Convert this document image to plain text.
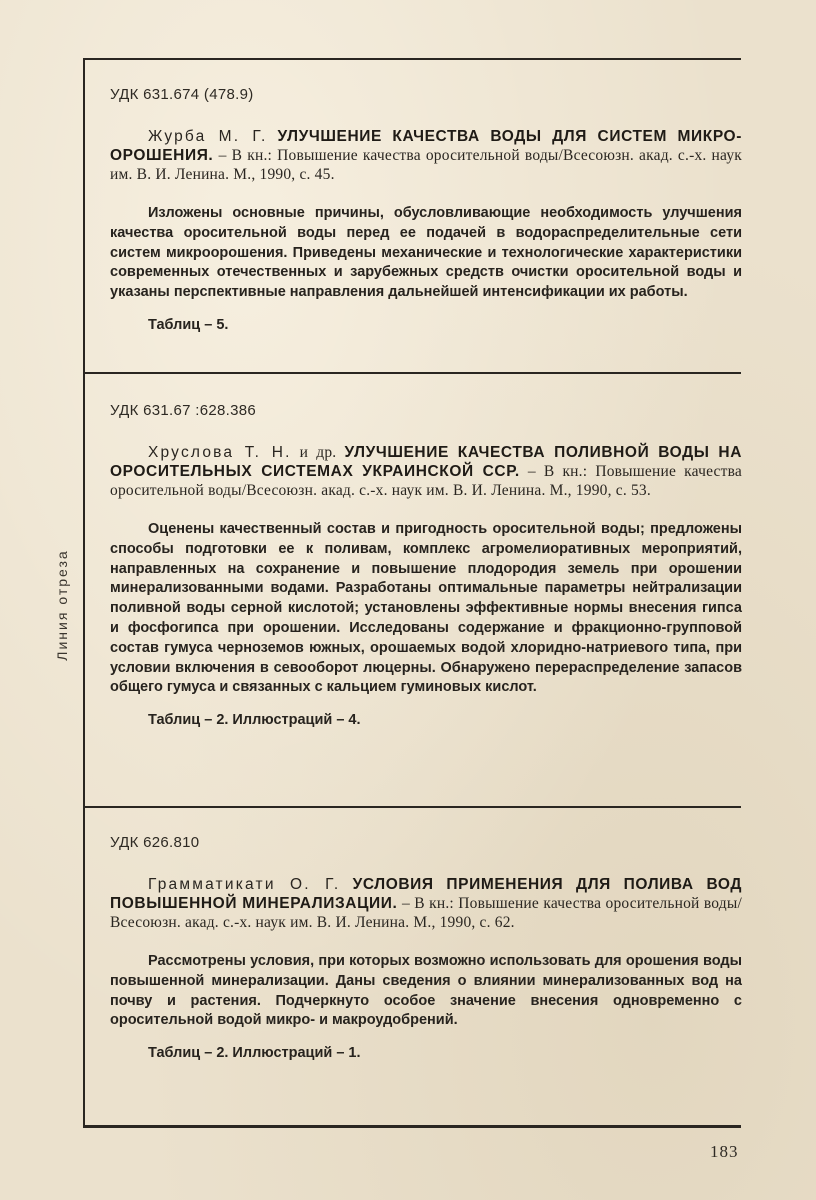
Линия отреза

УДК 631.674 (478.9)

Журба М. Г. УЛУЧШЕНИЕ КАЧЕСТВА ВОДЫ ДЛЯ СИСТЕМ МИКРО-ОРОШЕНИЯ. – В кн.: Повышение качества оросительной воды/Всесоюзн. акад. с.-х. наук им. В. И. Ленина. М., 1990, с. 45.

Изложены основные причины, обусловливающие необходимость улучшения качества оросительной воды перед ее подачей в водораспределительные сети систем микроорошения. Приведены механические и технологические характеристики современных отечественных и зарубежных средств очистки оросительной воды и указаны перспективные направления дальнейшей интенсификации их работы.

Таблиц – 5.

УДК 631.67 :628.386

Хруслова Т. Н. и др. УЛУЧШЕНИЕ КАЧЕСТВА ПОЛИВНОЙ ВОДЫ НА ОРОСИТЕЛЬНЫХ СИСТЕМАХ УКРАИНСКОЙ ССР. – В кн.: Повышение качества оросительной воды/Всесоюзн. акад. с.-х. наук им. В. И. Ленина. М., 1990, с. 53.

Оценены качественный состав и пригодность оросительной воды; предложены способы подготовки ее к поливам, комплекс агромелиоративных мероприятий, направленных на сохранение и повышение плодородия земель при орошении минерализованными водами. Разработаны оптимальные параметры нейтрализации поливной воды серной кислотой; установлены эффективные нормы внесения гипса и фосфогипса при орошении. Исследованы содержание и фракционно-групповой состав гумуса черноземов южных, орошаемых водой хлоридно-натриевого типа, при условии включения в севооборот люцерны. Обнаружено перераспределение запасов общего гумуса и связанных с кальцием гуминовых кислот.

Таблиц – 2. Иллюстраций – 4.

УДК 626.810

Грамматикати О. Г. УСЛОВИЯ ПРИМЕНЕНИЯ ДЛЯ ПОЛИВА ВОД ПОВЫШЕННОЙ МИНЕРАЛИЗАЦИИ. – В кн.: Повышение качества оросительной воды/Всесоюзн. акад. с.-х. наук им. В. И. Ленина. М., 1990, с. 62.

Рассмотрены условия, при которых возможно использовать для орошения воды повышенной минерализации. Даны сведения о влиянии минерализованных вод на почву и растения. Подчеркнуто особое значение внесения одновременно с оросительной водой микро- и макроудобрений.

Таблиц – 2. Иллюстраций – 1.

183
